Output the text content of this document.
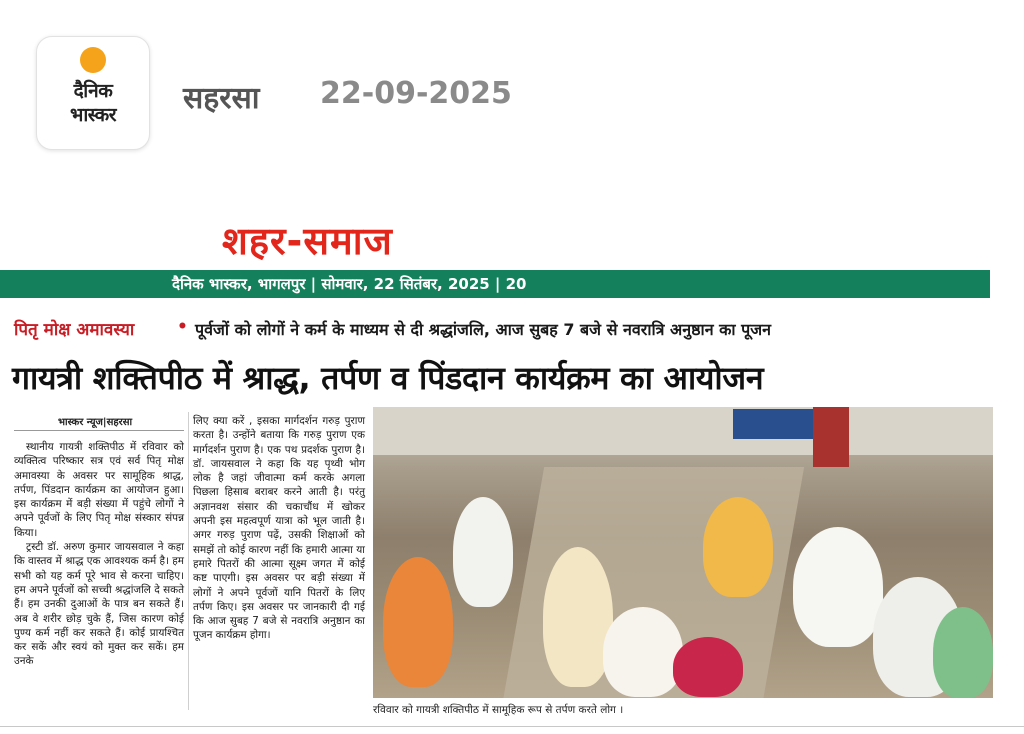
दैनिक
भास्कर	सहरसा 22-09-2025
शहर-समाज
दैनिक भास्कर, भागलपुर | सोमवार, 22 सितंबर, 2025 | 20
पितृ मोक्ष अमावस्या	• पूर्वजों को लोगों ने कर्म के माध्यम से दी श्रद्धांजलि, आज सुबह 7 बजे से नवरात्रि अनुष्ठान का पूजन
गायत्री शक्तिपीठ में श्राद्ध, तर्पण व पिंडदान कार्यक्रम का आयोजन
भास्कर न्यूज|सहरसा

स्थानीय गायत्री शक्तिपीठ में रविवार को व्यक्तित्व परिष्कार सत्र एवं सर्व पितृ मोक्ष अमावस्या के अवसर पर सामूहिक श्राद्ध, तर्पण, पिंडदान कार्यक्रम का आयोजन हुआ। इस कार्यक्रम में बड़ी संख्या में पहुंचे लोगों ने अपने पूर्वजों के लिए पितृ मोक्ष संस्कार संपन्न किया।

ट्रस्टी डॉ. अरुण कुमार जायसवाल ने कहा कि वास्तव में श्राद्ध एक आवश्यक कर्म है। हम सभी को यह कर्म पूरे भाव से करना चाहिए। हम अपने पूर्वजों को सच्ची श्रद्धांजलि दे सकते हैं। हम उनकी दुआओं के पात्र बन सकते हैं। अब वे शरीर छोड़ चुके हैं, जिस कारण कोई पुण्य कर्म नहीं कर सकते हैं। कोई प्रायश्चित कर सकें और स्वयं को मुक्त कर सकें। हम उनके

लिए क्या करें , इसका मार्गदर्शन गरुड़ पुराण करता है। उन्होंने बताया कि गरुड़ पुराण एक मार्गदर्शन पुराण है। एक पथ प्रदर्शक पुराण है। डॉ. जायसवाल ने कहा कि यह पृथ्वी भोग लोक है जहां जीवात्मा कर्म करके अगला पिछला हिसाब बराबर करने आती है। परंतु अज्ञानवश संसार की चकाचौंध में खोकर अपनी इस महत्वपूर्ण यात्रा को भूल जाती है। अगर गरुड़ पुराण पढ़ें, उसकी शिक्षाओं को समझें तो कोई कारण नहीं कि हमारी आत्मा या हमारे पितरों की आत्मा सूक्ष्म जगत में कोई कष्ट पाएगी। इस अवसर पर बड़ी संख्या में लोगों ने अपने पूर्वजों यानि पितरों के लिए तर्पण किए। इस अवसर पर जानकारी दी गई कि आज सुबह 7 बजे से नवरात्रि अनुष्ठान का पूजन कार्यक्रम होगा।

रविवार को गायत्री शक्तिपीठ में सामूहिक रूप से तर्पण करते लोग ।
